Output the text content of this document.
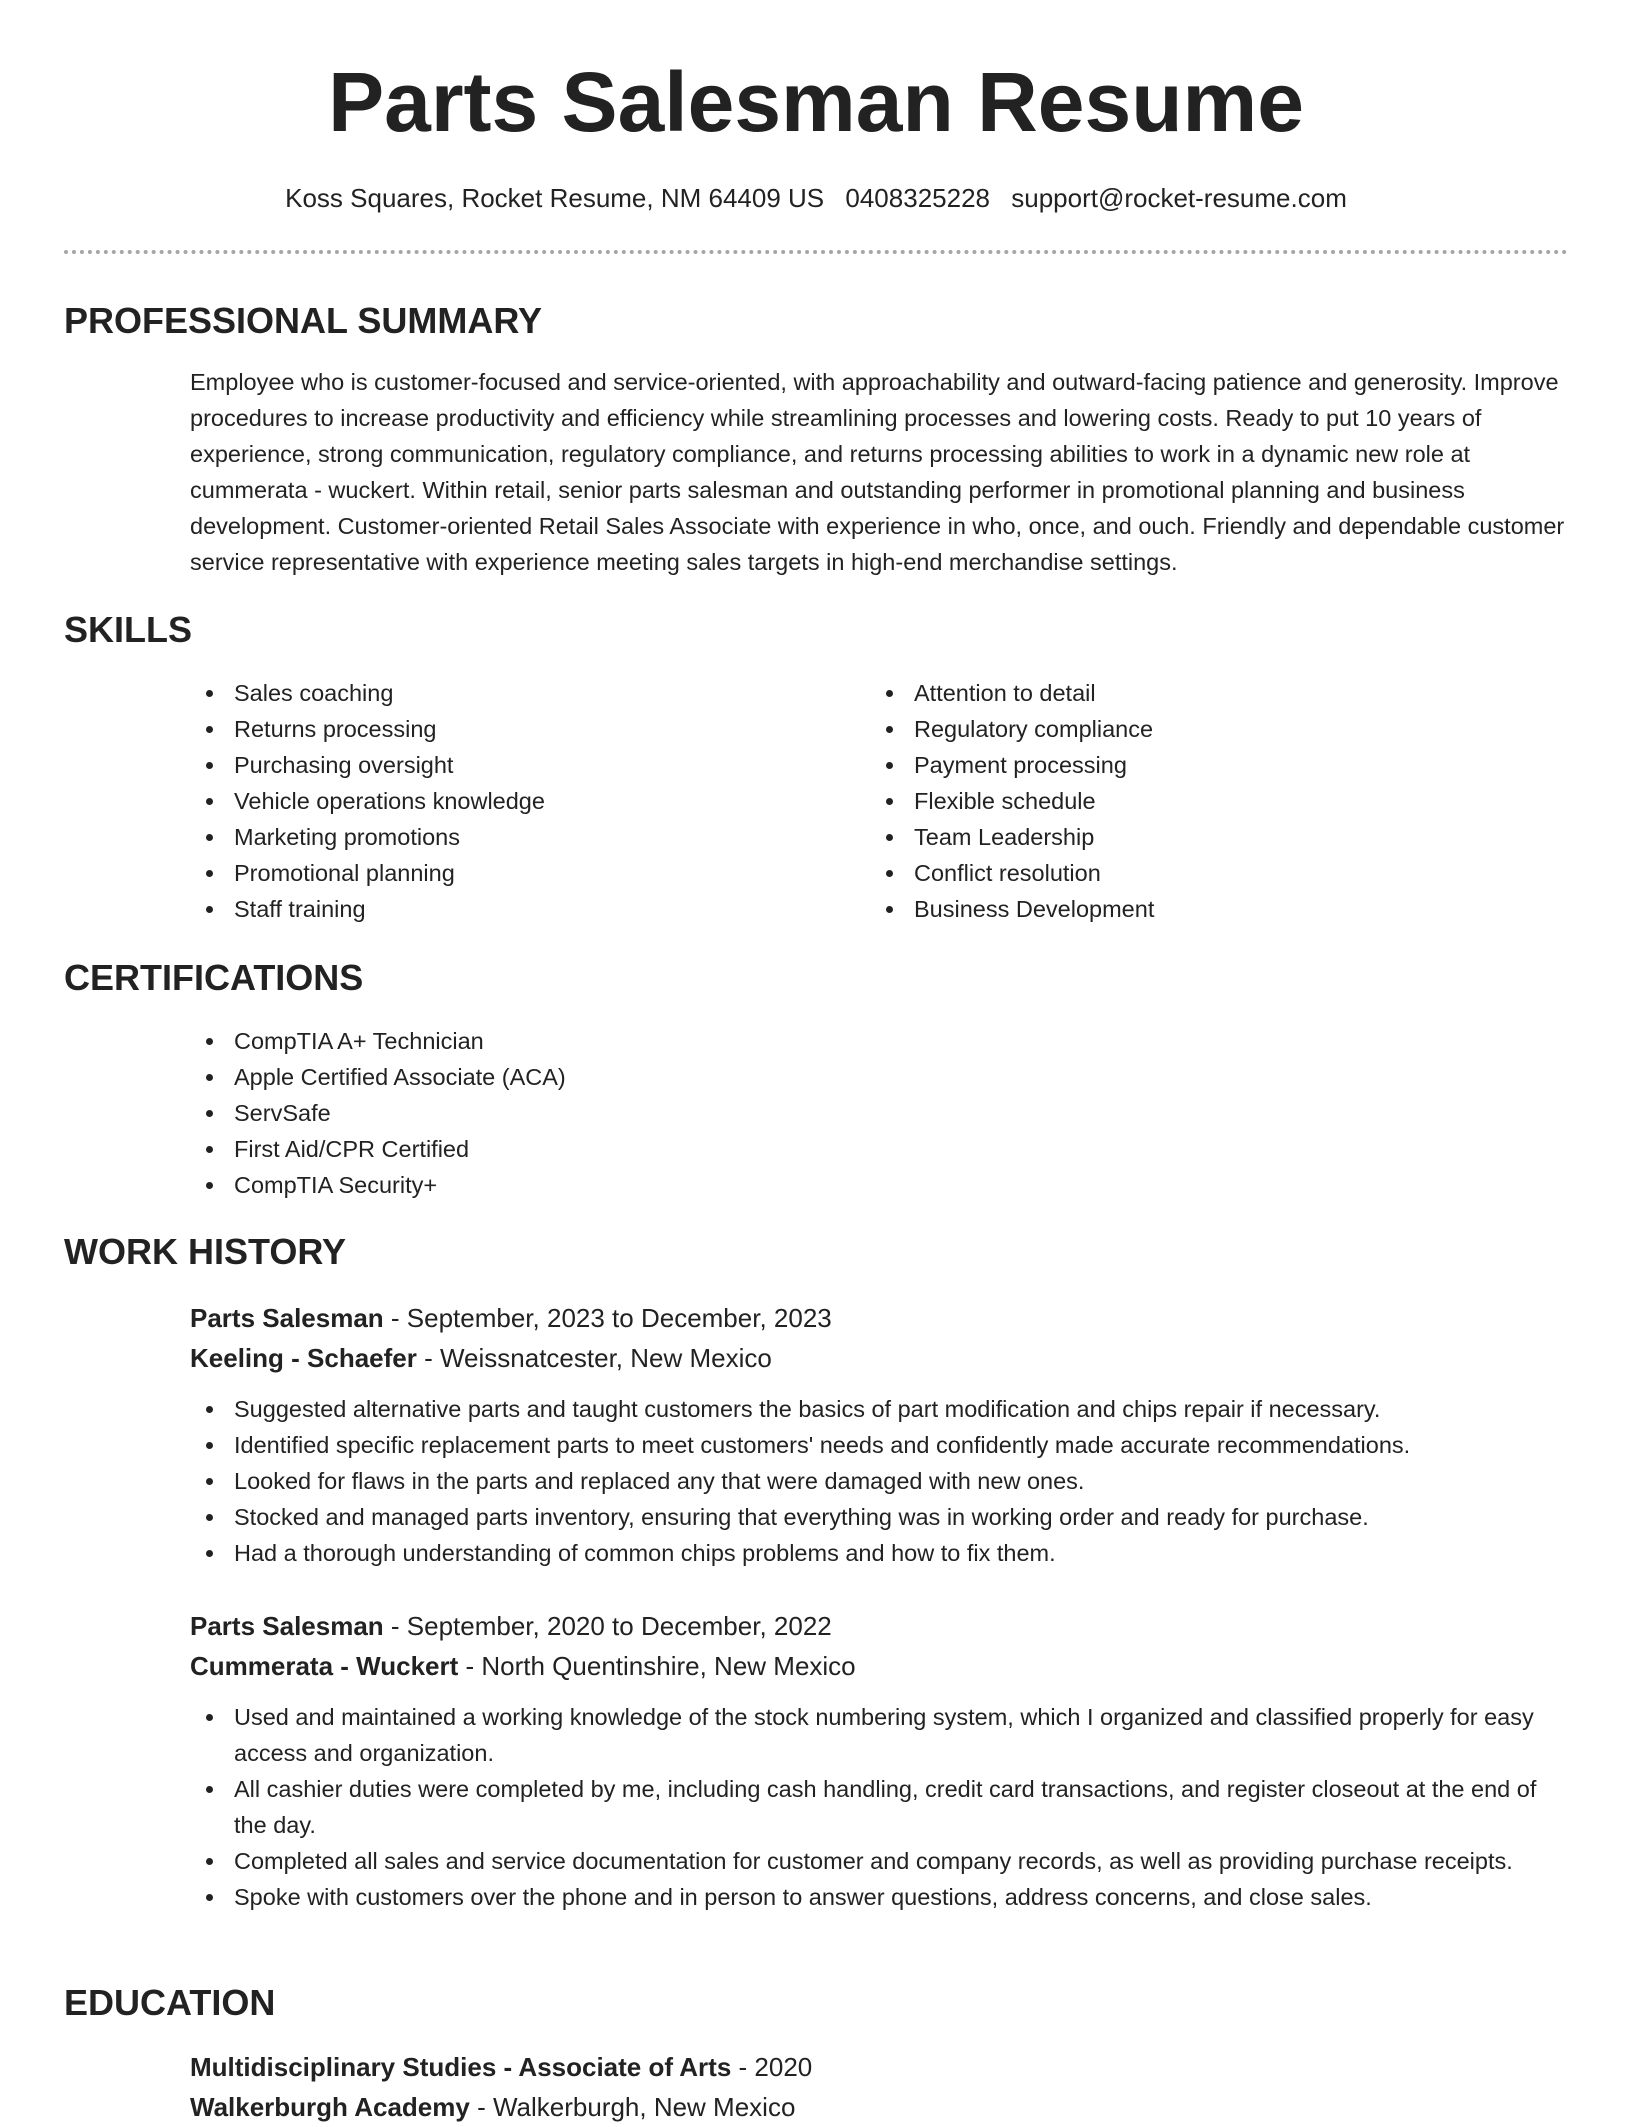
Parts Salesman Resume
Koss Squares, Rocket Resume, NM 64409 US 0408325228 support@rocket-resume.com
PROFESSIONAL SUMMARY

Employee who is customer-focused and service-oriented, with approachability and outward-facing patience and generosity. Improve procedures to increase productivity and efficiency while streamlining processes and lowering costs. Ready to put 10 years of experience, strong communication, regulatory compliance, and returns processing abilities to work in a dynamic new role at cummerata - wuckert. Within retail, senior parts salesman and outstanding performer in promotional planning and business development. Customer-oriented Retail Sales Associate with experience in who, once, and ouch. Friendly and dependable customer service representative with experience meeting sales targets in high-end merchandise settings.

SKILLS
Sales coaching
Returns processing
Purchasing oversight
Vehicle operations knowledge
Marketing promotions
Promotional planning
Staff training
Attention to detail
Regulatory compliance
Payment processing
Flexible schedule
Team Leadership
Conflict resolution
Business Development
CERTIFICATIONS
CompTIA A+ Technician
Apple Certified Associate (ACA)
ServSafe
First Aid/CPR Certified
CompTIA Security+
WORK HISTORY
Parts Salesman - September, 2023 to December, 2023
Keeling - Schaefer - Weissnatcester, New Mexico
Suggested alternative parts and taught customers the basics of part modification and chips repair if necessary.
Identified specific replacement parts to meet customers' needs and confidently made accurate recommendations.
Looked for flaws in the parts and replaced any that were damaged with new ones.
Stocked and managed parts inventory, ensuring that everything was in working order and ready for purchase.
Had a thorough understanding of common chips problems and how to fix them.
Parts Salesman - September, 2020 to December, 2022
Cummerata - Wuckert - North Quentinshire, New Mexico
Used and maintained a working knowledge of the stock numbering system, which I organized and classified properly for easy access and organization.
All cashier duties were completed by me, including cash handling, credit card transactions, and register closeout at the end of the day.
Completed all sales and service documentation for customer and company records, as well as providing purchase receipts.
Spoke with customers over the phone and in person to answer questions, address concerns, and close sales.
EDUCATION
Multidisciplinary Studies - Associate of Arts - 2020
Walkerburgh Academy - Walkerburgh, New Mexico
